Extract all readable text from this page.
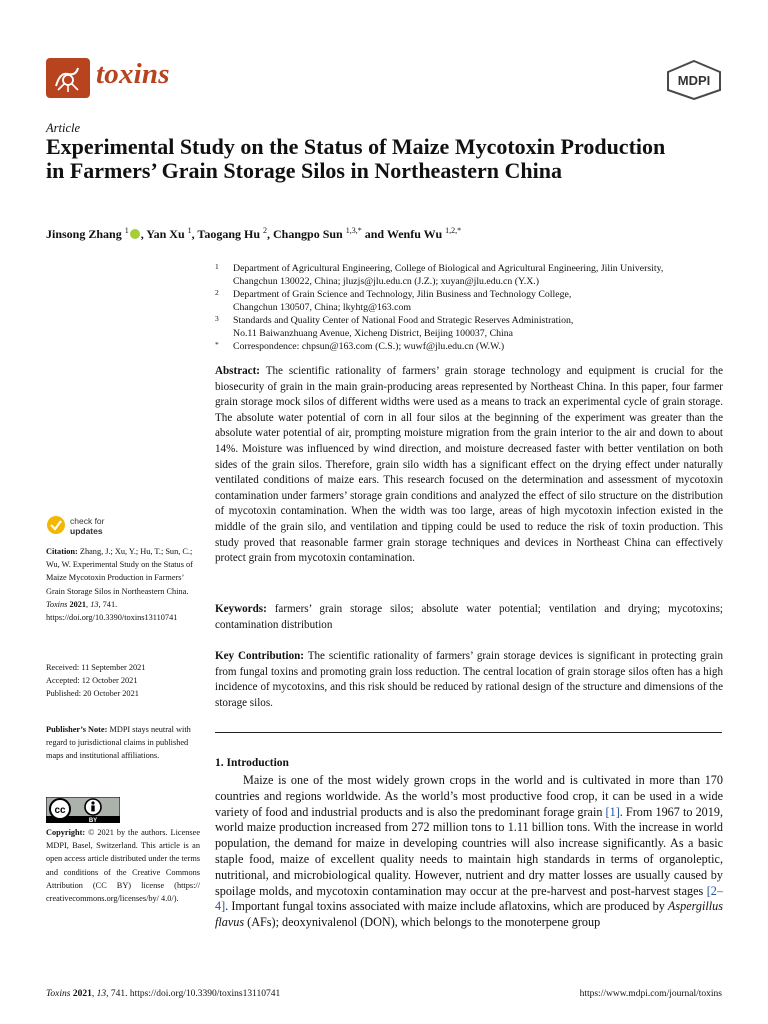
toxins	MDPI
Article
Experimental Study on the Status of Maize Mycotoxin Production in Farmers’ Grain Storage Silos in Northeastern China
Jinsong Zhang $^1$ , Yan Xu $^1$, Taogang Hu $^2$, Changpo Sun $^{1,3,*}$ and Wenfu Wu $^{1,2,*}$
1 Department of Agricultural Engineering, College of Biological and Agricultural Engineering, Jilin University,
Changchun 130022, China; jluzjs@jlu.edu.cn (J.Z.); xuyan@jlu.edu.cn (Y.X.)
2 Department of Grain Science and Technology, Jilin Business and Technology College,
Changchun 130507, China; lkyhtg@163.com
3 Standards and Quality Center of National Food and Strategic Reserves Administration,
No.11 Baiwanzhuang Avenue, Xicheng District, Beijing 100037, China
* Correspondence: chpsun@163.com (C.S.); wuwf@jlu.edu.cn (W.W.)
Abstract: The scientific rationality of farmers’ grain storage technology and equipment is crucial for the biosecurity of grain in the main grain-producing areas represented by Northeast China. In this paper, four farmer grain storage mock silos of different widths were used as a means to track an experimental cycle of grain storage. The absolute water potential of corn in all four silos at the beginning of the experiment was greater than the absolute water potential of air, prompting moisture migration from the grain interior to the air and down to about 14%. Moisture was influenced by wind direction, and moisture decreased faster with better ventilation on both sides of the grain silos. Therefore, grain silo width has a significant effect on the drying effect under naturally ventilated conditions of maize ears. This research focused on the determination and assessment of mycotoxin contamination under farmers’ storage grain conditions and analyzed the effect of silo structure on the distribution of mycotoxin contamination. When the width was too large, areas of high mycotoxin infection existed in the middle of the grain silo, and ventilation and tipping could be used to reduce the risk of toxin production. This study proved that reasonable farmer grain storage techniques and devices in Northeast China can effectively protect grain from mycotoxin contamination.
Keywords: farmers’ grain storage silos; absolute water potential; ventilation and drying; mycotoxins; contamination distribution
Key Contribution: The scientific rationality of farmers’ grain storage devices is significant in protecting grain from fungal toxins and promoting grain loss reduction. The central location of grain storage silos often has a high incidence of mycotoxins, and this risk should be reduced by rational design of the structure and dimensions of the storage silos.
1. Introduction
Maize is one of the most widely grown crops in the world and is cultivated in more than 170 countries and regions worldwide. As the world’s most productive food crop, it can be used in a wide variety of food and industrial products and is also the predominant forage grain [1]. From 1967 to 2019, world maize production increased from 272 million tons to 1.11 billion tons. With the increase in world population, the demand for maize in developing countries will also increase significantly. As a basic staple food, maize of excellent quality needs to maintain high standards in terms of organoleptic, nutritional, and microbiological quality. However, nutrient and dry matter losses are usually caused by spoilage molds, and mycotoxin contamination may occur at the pre-harvest and post-harvest stages [2–4]. Important fungal toxins associated with maize include aflatoxins, which are produced by Aspergillus flavus (AFs); deoxynivalenol (DON), which belongs to the monoterpene group
check for
updates
Citation: Zhang, J.; Xu, Y.; Hu, T.; Sun, C.; Wu, W. Experimental Study on the Status of Maize Mycotoxin Production in Farmers’ Grain Storage Silos in Northeastern China. Toxins 2021, 13, 741. https://doi.org/10.3390/toxins13110741
Received: 11 September 2021
Accepted: 12 October 2021
Published: 20 October 2021
Publisher’s Note: MDPI stays neutral with regard to jurisdictional claims in published maps and institutional affiliations.
cc
BY
Copyright: © 2021 by the authors. Licensee MDPI, Basel, Switzerland. This article is an open access article distributed under the terms and conditions of the Creative Commons Attribution (CC BY) license (https:// creativecommons.org/licenses/by/ 4.0/).
Toxins 2021, 13, 741. https://doi.org/10.3390/toxins13110741	https://www.mdpi.com/journal/toxins
